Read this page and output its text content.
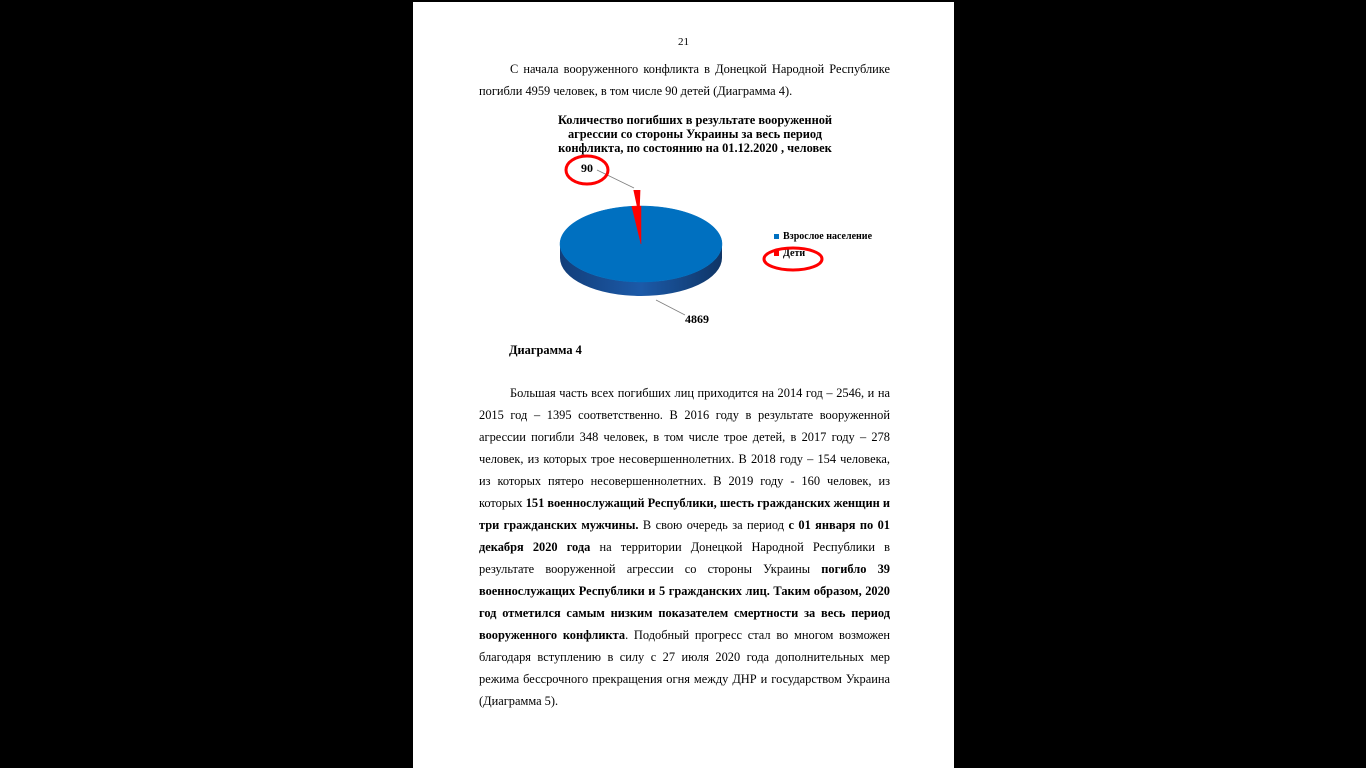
21

С начала вооруженного конфликта в Донецкой Народной Республике погибли 4959 человек, в том числе 90 детей (Диаграмма 4).

Количество погибших в результате вооруженной агрессии со стороны Украины за весь период конфликта, по состоянию на 01.12.2020 , человек
4869
90
Взрослое население
Дети
Диаграмма 4

Большая часть всех погибших лиц приходится на 2014 год – 2546, и на 2015 год – 1395 соответственно. В 2016 году в результате вооруженной агрессии погибли 348 человек, в том числе трое детей, в 2017 году – 278 человек, из которых трое несовершеннолетних. В 2018 году – 154 человека, из которых пятеро несовершеннолетних. В 2019 году - 160 человек, из которых 151 военнослужащий Республики, шесть гражданских женщин и три гражданских мужчины. В свою очередь за период с 01 января по 01 декабря 2020 года на территории Донецкой Народной Республики в результате вооруженной агрессии со стороны Украины погибло 39 военнослужащих Республики и 5 гражданских лиц. Таким образом, 2020 год отметился самым низким показателем смертности за весь период вооруженного конфликта. Подобный прогресс стал во многом возможен благодаря вступлению в силу с 27 июля 2020 года дополнительных мер режима бессрочного прекращения огня между ДНР и государством Украина (Диаграмма 5).
